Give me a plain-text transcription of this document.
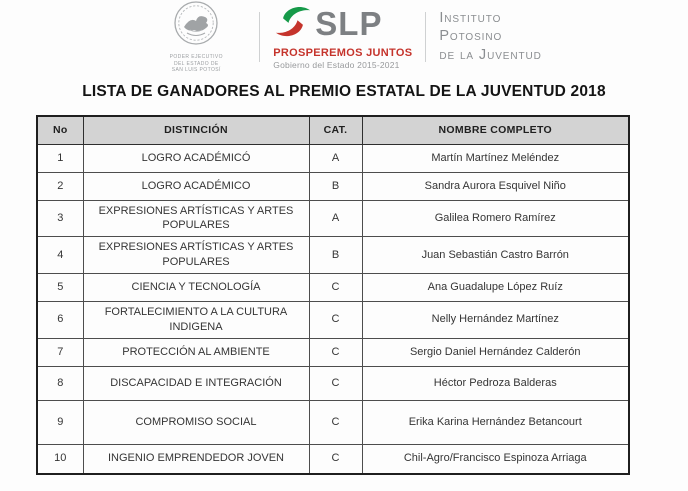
PODER EJECUTIVO
DEL ESTADO DE
SAN LUIS POTOSÍ
SLP
PROSPEREMOS JUNTOS
Gobierno del Estado 2015-2021
Instituto
Potosino
de la Juventud
LISTA DE GANADORES AL PREMIO ESTATAL DE LA JUVENTUD 2018
No	DISTINCIÓN	CAT.	NOMBRE COMPLETO
1	LOGRO ACADÉMICÓ	A	Martín Martínez Meléndez
2	LOGRO ACADÉMICO	B	Sandra Aurora Esquivel Niño
3	EXPRESIONES ARTÍSTICAS Y ARTES POPULARES	A	Galilea Romero Ramírez
4	EXPRESIONES ARTÍSTICAS Y ARTES POPULARES	B	Juan Sebastián Castro Barrón
5	CIENCIA Y TECNOLOGÍA	C	Ana Guadalupe López Ruíz
6	FORTALECIMIENTO A LA CULTURA INDIGENA	C	Nelly Hernández Martínez
7	PROTECCIÓN AL AMBIENTE	C	Sergio Daniel Hernández Calderón
8	DISCAPACIDAD E INTEGRACIÓN	C	Héctor Pedroza Balderas
9	COMPROMISO SOCIAL	C	Erika Karina Hernández Betancourt
10	INGENIO EMPRENDEDOR JOVEN	C	Chil-Agro/Francisco Espinoza Arriaga
